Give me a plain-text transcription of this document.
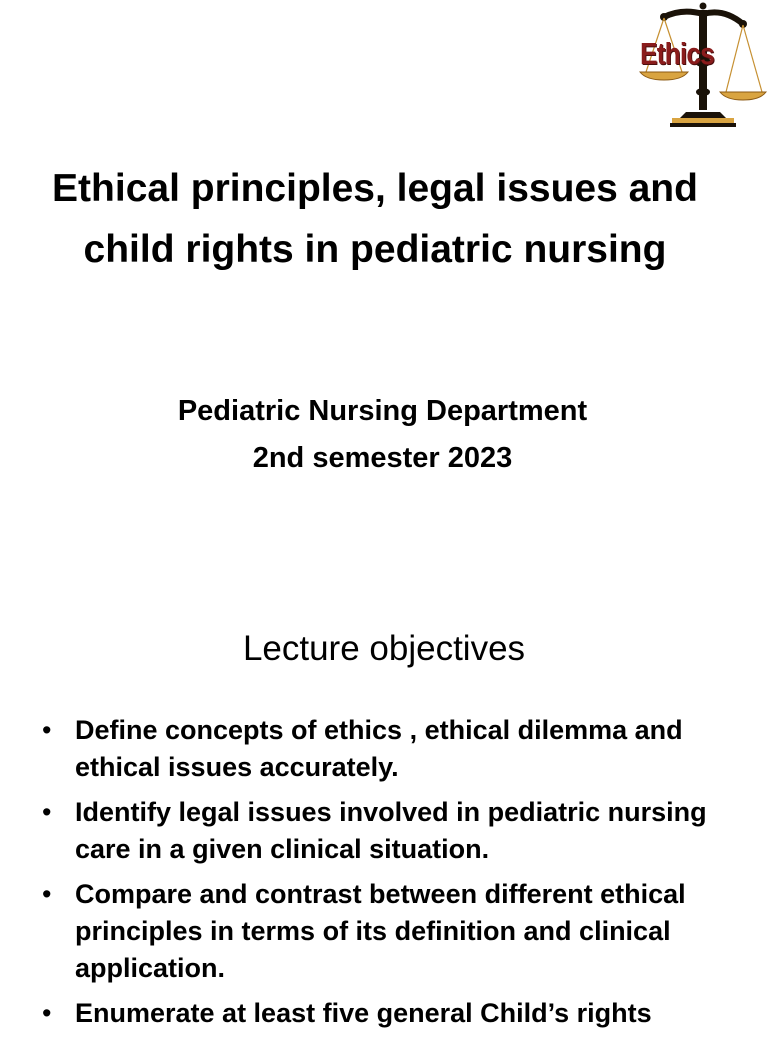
Ethics
Ethical principles, legal issues and child rights in pediatric nursing
Pediatric Nursing Department
2nd semester 2023
Lecture objectives
• Define concepts of ethics , ethical dilemma and ethical issues accurately.
• Identify legal issues involved in pediatric nursing care in a given clinical situation.
• Compare and contrast between different ethical principles in terms of its definition and clinical application.
• Enumerate at least five general Child’s rights
